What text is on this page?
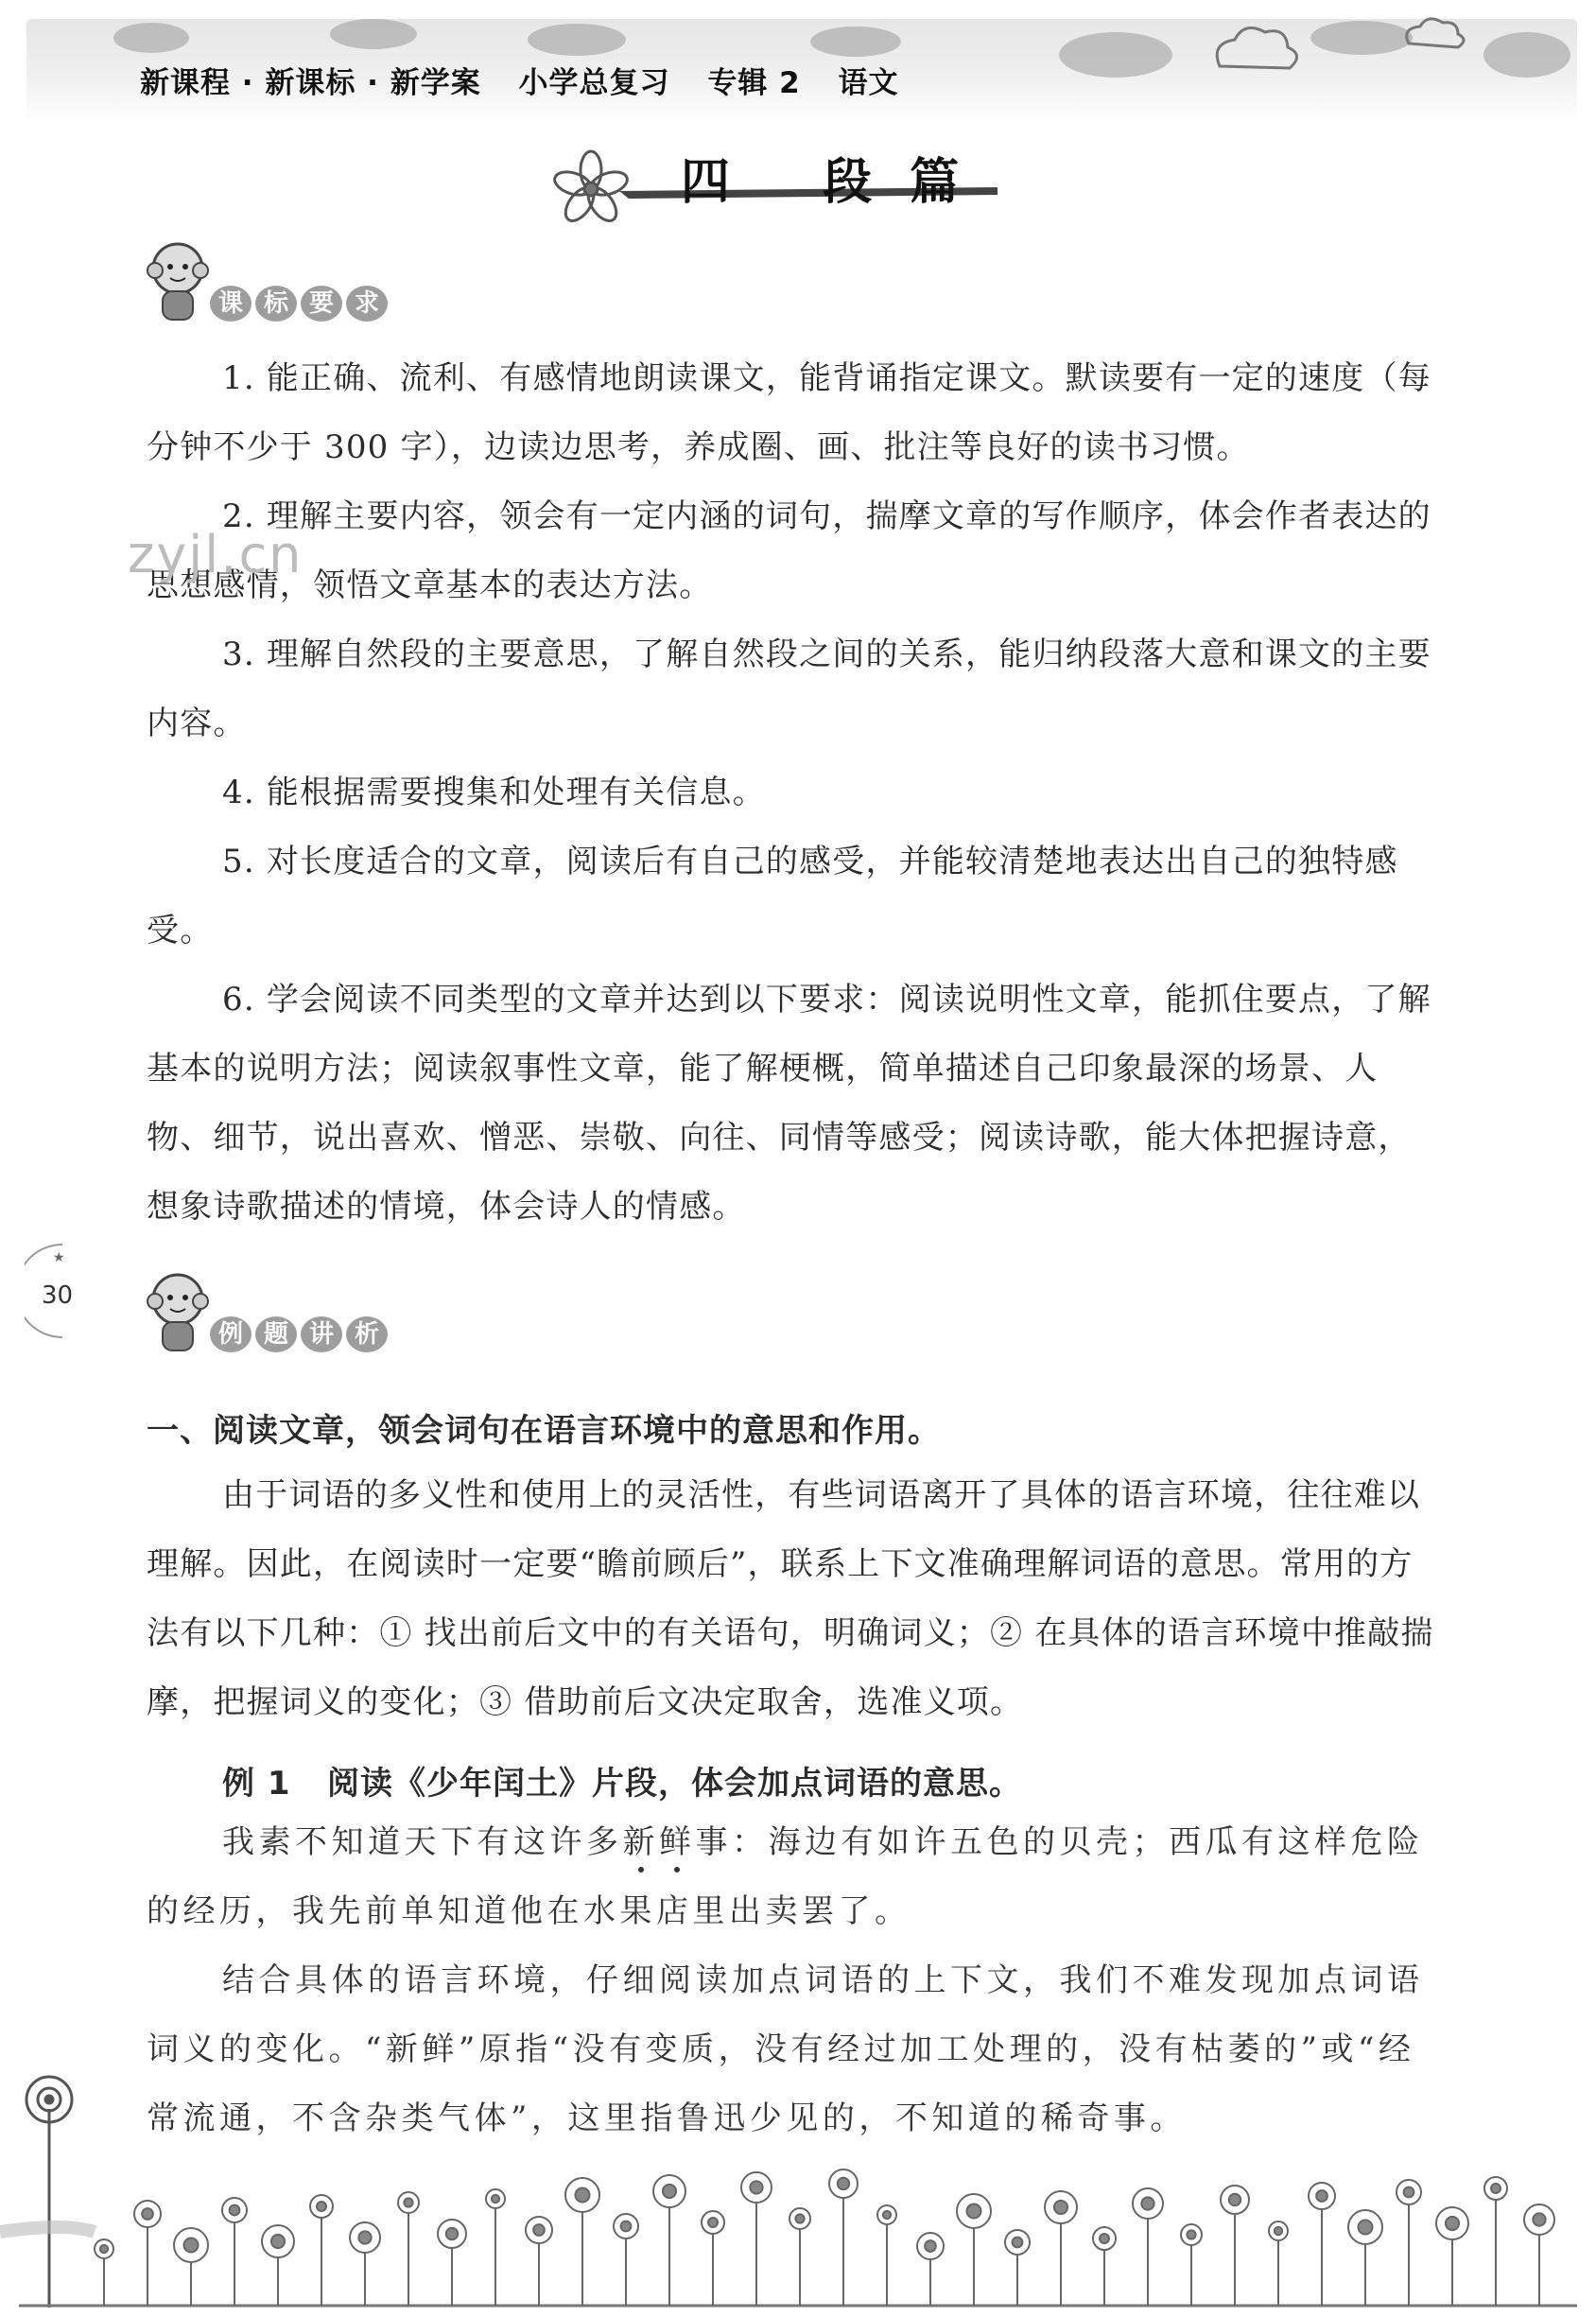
新课程 · 新课标 · 新学案 小学总复习 专辑 2 语文
四 段篇
课 标 要 求

1. 能正确、流利、有感情地朗读课文，能背诵指定课文。默读要有一定的速度（每分钟不少于 300 字），边读边思考，养成圈、画、批注等良好的读书习惯。

2. 理解主要内容，领会有一定内涵的词句，揣摩文章的写作顺序，体会作者表达的思想感情，领悟文章基本的表达方法。

3. 理解自然段的主要意思，了解自然段之间的关系，能归纳段落大意和课文的主要内容。

4. 能根据需要搜集和处理有关信息。

5. 对长度适合的文章，阅读后有自己的感受，并能较清楚地表达出自己的独特感受。

6. 学会阅读不同类型的文章并达到以下要求：阅读说明性文章，能抓住要点，了解基本的说明方法；阅读叙事性文章，能了解梗概，简单描述自己印象最深的场景、人物、细节，说出喜欢、憎恶、崇敬、向往、同情等感受；阅读诗歌，能大体把握诗意，想象诗歌描述的情境，体会诗人的情感。

zyjl.cn
★
30
例 题 讲 析
一、阅读文章，领会词句在语言环境中的意思和作用。

由于词语的多义性和使用上的灵活性，有些词语离开了具体的语言环境，往往难以理解。因此，在阅读时一定要“瞻前顾后”，联系上下文准确理解词语的意思。常用的方法有以下几种：① 找出前后文中的有关语句，明确词义；② 在具体的语言环境中推敲揣摩，把握词义的变化；③ 借助前后文决定取舍，选准义项。

例 1 阅读《少年闰土》片段，体会加点词语的意思。

我素不知道天下有这许多新鲜事：海边有如许五色的贝壳；西瓜有这样危险的经历，我先前单知道他在水果店里出卖罢了。

结合具体的语言环境，仔细阅读加点词语的上下文，我们不难发现加点词语词义的变化。“新鲜”原指“没有变质，没有经过加工处理的，没有枯萎的”或“经常流通，不含杂类气体”，这里指鲁迅少见的，不知道的稀奇事。
